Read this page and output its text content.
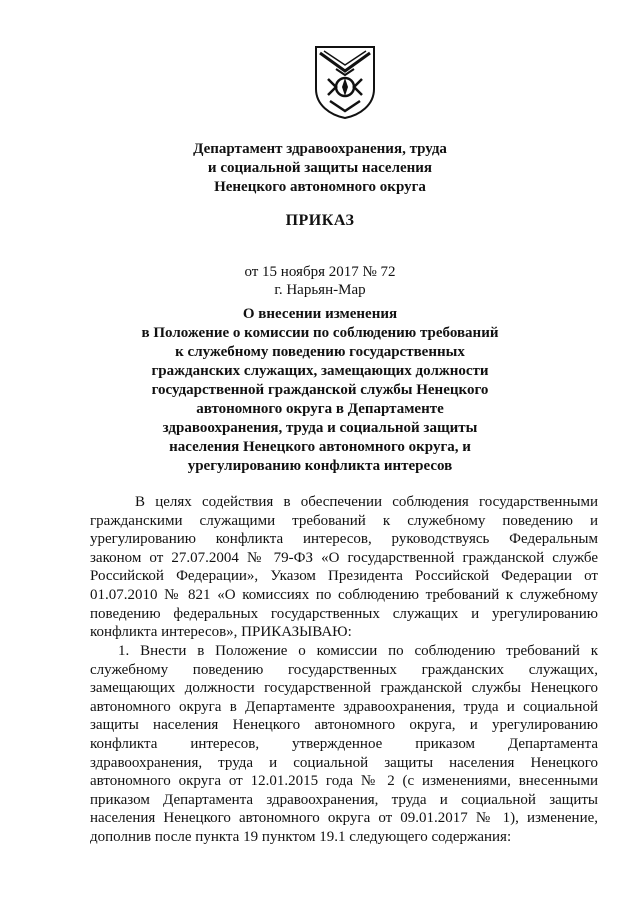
Департамент здравоохранения, труда
и социальной защиты населения
Ненецкого автономного округа
ПРИКАЗ
от 15 ноября 2017 № 72
г. Нарьян-Мар
О внесении изменения
в Положение о комиссии по соблюдению требований
к служебному поведению государственных
гражданских служащих, замещающих должности
государственной гражданской службы Ненецкого
автономного округа в Департаменте
здравоохранения, труда и социальной защиты
населения Ненецкого автономного округа, и
урегулированию конфликта интересов
В целях содействия в обеспечении соблюдения государственными
гражданскими служащими требований к служебному поведению и
урегулированию конфликта интересов, руководствуясь Федеральным
законом от 27.07.2004 № 79-ФЗ «О государственной гражданской службе
Российской Федерации», Указом Президента Российской Федерации от
01.07.2010 № 821 «О комиссиях по соблюдению требований к служебному
поведению федеральных государственных служащих и урегулированию
конфликта интересов», ПРИКАЗЫВАЮ:
1. Внести в Положение о комиссии по соблюдению требований к
служебному поведению государственных гражданских служащих,
замещающих должности государственной гражданской службы Ненецкого
автономного округа в Департаменте здравоохранения, труда и социальной
защиты населения Ненецкого автономного округа, и урегулированию
конфликта интересов, утвержденное приказом Департамента
здравоохранения, труда и социальной защиты населения Ненецкого
автономного округа от 12.01.2015 года № 2 (с изменениями, внесенными
приказом Департамента здравоохранения, труда и социальной защиты
населения Ненецкого автономного округа от 09.01.2017 № 1), изменение,
дополнив после пункта 19 пунктом 19.1 следующего содержания:
